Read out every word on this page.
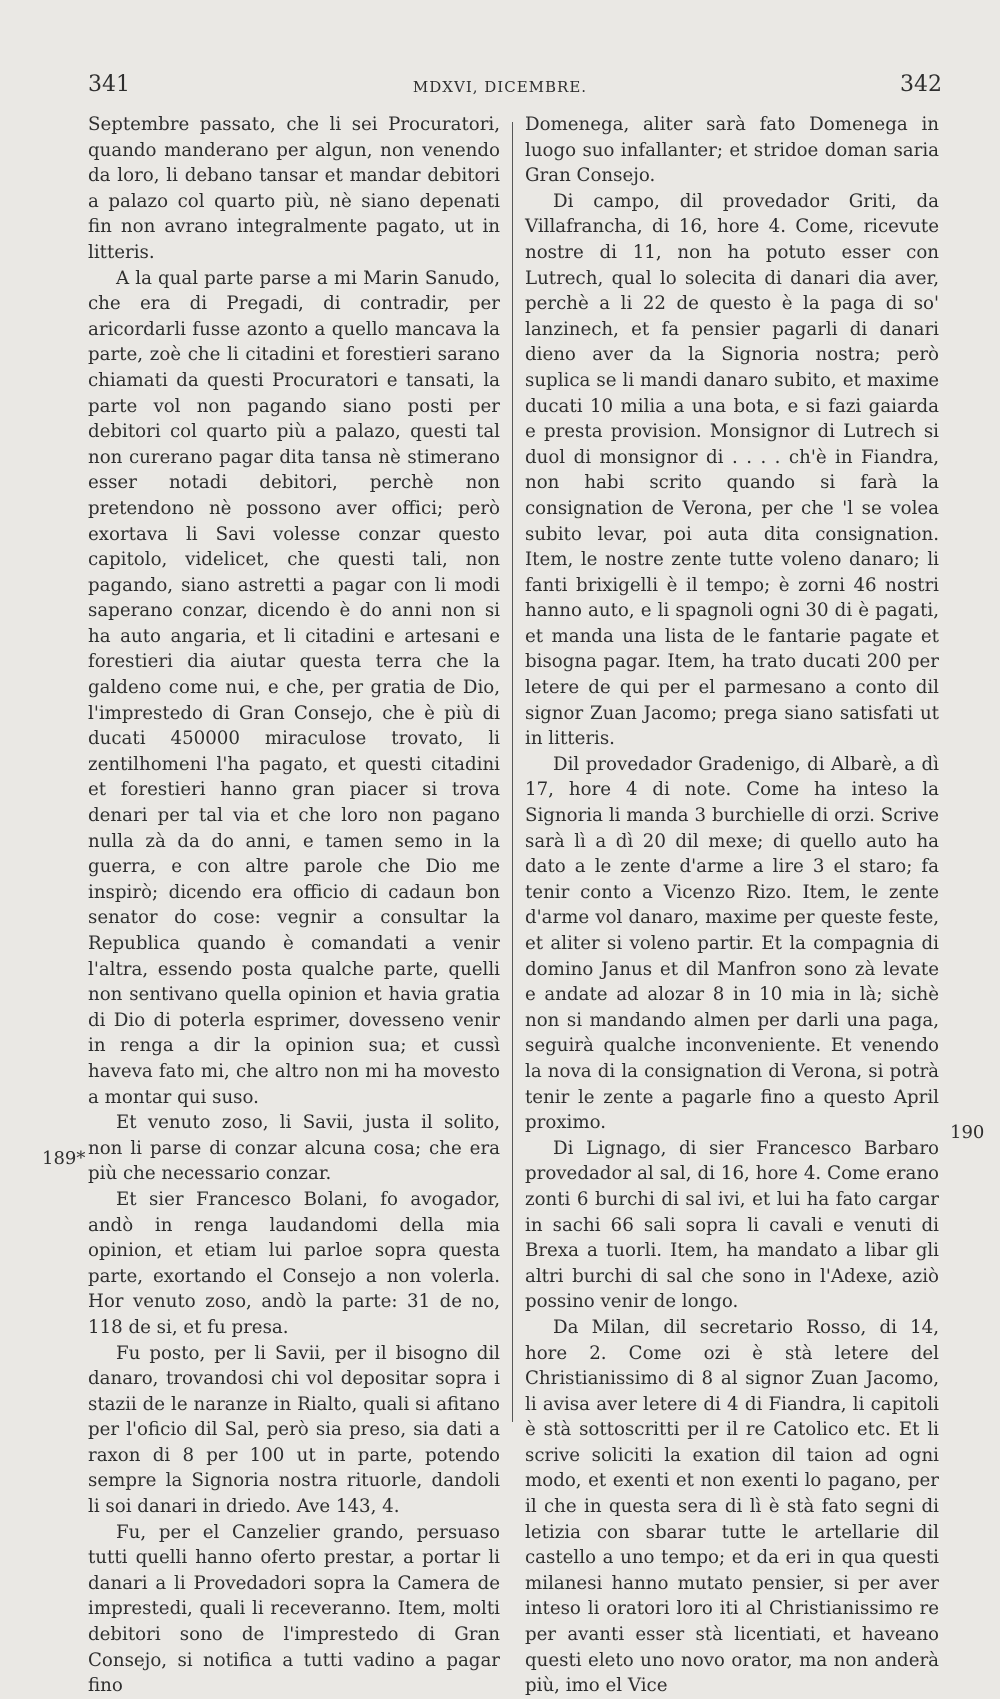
341	MDXVI, DICEMBRE.	342
189*
190

Septembre passato, che li sei Procuratori, quando manderano per algun, non venendo da loro, li debano tansar et mandar debitori a palazo col quarto più, nè siano depenati fin non avrano integralmente pagato, ut in litteris.

A la qual parte parse a mi Marin Sanudo, che era di Pregadi, di contradir, per aricordarli fusse azonto a quello mancava la parte, zoè che li citadini et forestieri sarano chiamati da questi Procuratori e tansati, la parte vol non pagando siano posti per debitori col quarto più a palazo, questi tal non curerano pagar dita tansa nè stimerano esser notadi debitori, perchè non pretendono nè possono aver offici; però exortava li Savi volesse conzar questo capitolo, videlicet, che questi tali, non pagando, siano astretti a pagar con li modi saperano conzar, dicendo è do anni non si ha auto angaria, et li citadini e artesani e forestieri dia aiutar questa terra che la galdeno come nui, e che, per gratia de Dio, l'imprestedo di Gran Consejo, che è più di ducati 450000 miraculose trovato, li zentilhomeni l'ha pagato, et questi citadini et forestieri hanno gran piacer si trova denari per tal via et che loro non pagano nulla zà da do anni, e tamen semo in la guerra, e con altre parole che Dio me inspirò; dicendo era officio di cadaun bon senator do cose: vegnir a consultar la Republica quando è comandati a venir l'altra, essendo posta qualche parte, quelli non sentivano quella opinion et havia gratia di Dio di poterla esprimer, dovesseno venir in renga a dir la opinion sua; et cussì haveva fato mi, che altro non mi ha movesto a montar qui suso.

Et venuto zoso, li Savii, justa il solito, non li parse di conzar alcuna cosa; che era più che necessario conzar.

Et sier Francesco Bolani, fo avogador, andò in renga laudandomi della mia opinion, et etiam lui parloe sopra questa parte, exortando el Consejo a non volerla. Hor venuto zoso, andò la parte: 31 de no, 118 de si, et fu presa.

Fu posto, per li Savii, per il bisogno dil danaro, trovandosi chi vol depositar sopra i stazii de le naranze in Rialto, quali si afitano per l'oficio dil Sal, però sia preso, sia dati a raxon di 8 per 100 ut in parte, potendo sempre la Signoria nostra rituorle, dandoli li soi danari in driedo. Ave 143, 4.

Fu, per el Canzelier grando, persuaso tutti quelli hanno oferto prestar, a portar li danari a li Provedadori sopra la Camera de imprestedi, quali li receveranno. Item, molti debitori sono de l'imprestedo di Gran Consejo, si notifica a tutti vadino a pagar fino

Domenega, aliter sarà fato Domenega in luogo suo infallanter; et stridoe doman saria Gran Consejo.

Di campo, dil provedador Griti, da Villafrancha, di 16, hore 4. Come, ricevute nostre di 11, non ha potuto esser con Lutrech, qual lo solecita di danari dia aver, perchè a li 22 de questo è la paga di so' lanzinech, et fa pensier pagarli di danari dieno aver da la Signoria nostra; però suplica se li mandi danaro subito, et maxime ducati 10 milia a una bota, e si fazi gaiarda e presta provision. Monsignor di Lutrech si duol di monsignor di . . . . ch'è in Fiandra, non habi scrito quando si farà la consignation de Verona, per che 'l se volea subito levar, poi auta dita consignation. Item, le nostre zente tutte voleno danaro; li fanti brixigelli è il tempo; è zorni 46 nostri hanno auto, e li spagnoli ogni 30 di è pagati, et manda una lista de le fantarie pagate et bisogna pagar. Item, ha trato ducati 200 per letere de qui per el parmesano a conto dil signor Zuan Jacomo; prega siano satisfati ut in litteris.

Dil provedador Gradenigo, di Albarè, a dì 17, hore 4 di note. Come ha inteso la Signoria li manda 3 burchielle di orzi. Scrive sarà lì a dì 20 dil mexe; di quello auto ha dato a le zente d'arme a lire 3 el staro; fa tenir conto a Vicenzo Rizo. Item, le zente d'arme vol danaro, maxime per queste feste, et aliter si voleno partir. Et la compagnia di domino Janus et dil Manfron sono zà levate e andate ad alozar 8 in 10 mia in là; sichè non si mandando almen per darli una paga, seguirà qualche inconveniente. Et venendo la nova di la consignation di Verona, si potrà tenir le zente a pagarle fino a questo April proximo.

Di Lignago, di sier Francesco Barbaro provedador al sal, di 16, hore 4. Come erano zonti 6 burchi di sal ivi, et lui ha fato cargar in sachi 66 sali sopra li cavali e venuti di Brexa a tuorli. Item, ha mandato a libar gli altri burchi di sal che sono in l'Adexe, aziò possino venir de longo.

Da Milan, dil secretario Rosso, di 14, hore 2. Come ozi è stà letere del Christianissimo di 8 al signor Zuan Jacomo, li avisa aver letere di 4 di Fiandra, li capitoli è stà sottoscritti per il re Catolico etc. Et li scrive soliciti la exation dil taion ad ogni modo, et exenti et non exenti lo pagano, per il che in questa sera di lì è stà fato segni di letizia con sbarar tutte le artellarie dil castello a uno tempo; et da eri in qua questi milanesi hanno mutato pensier, si per aver inteso li oratori loro iti al Christianissimo re per avanti esser stà licentiati, et haveano questi eleto uno novo orator, ma non anderà più, imo el Vice
